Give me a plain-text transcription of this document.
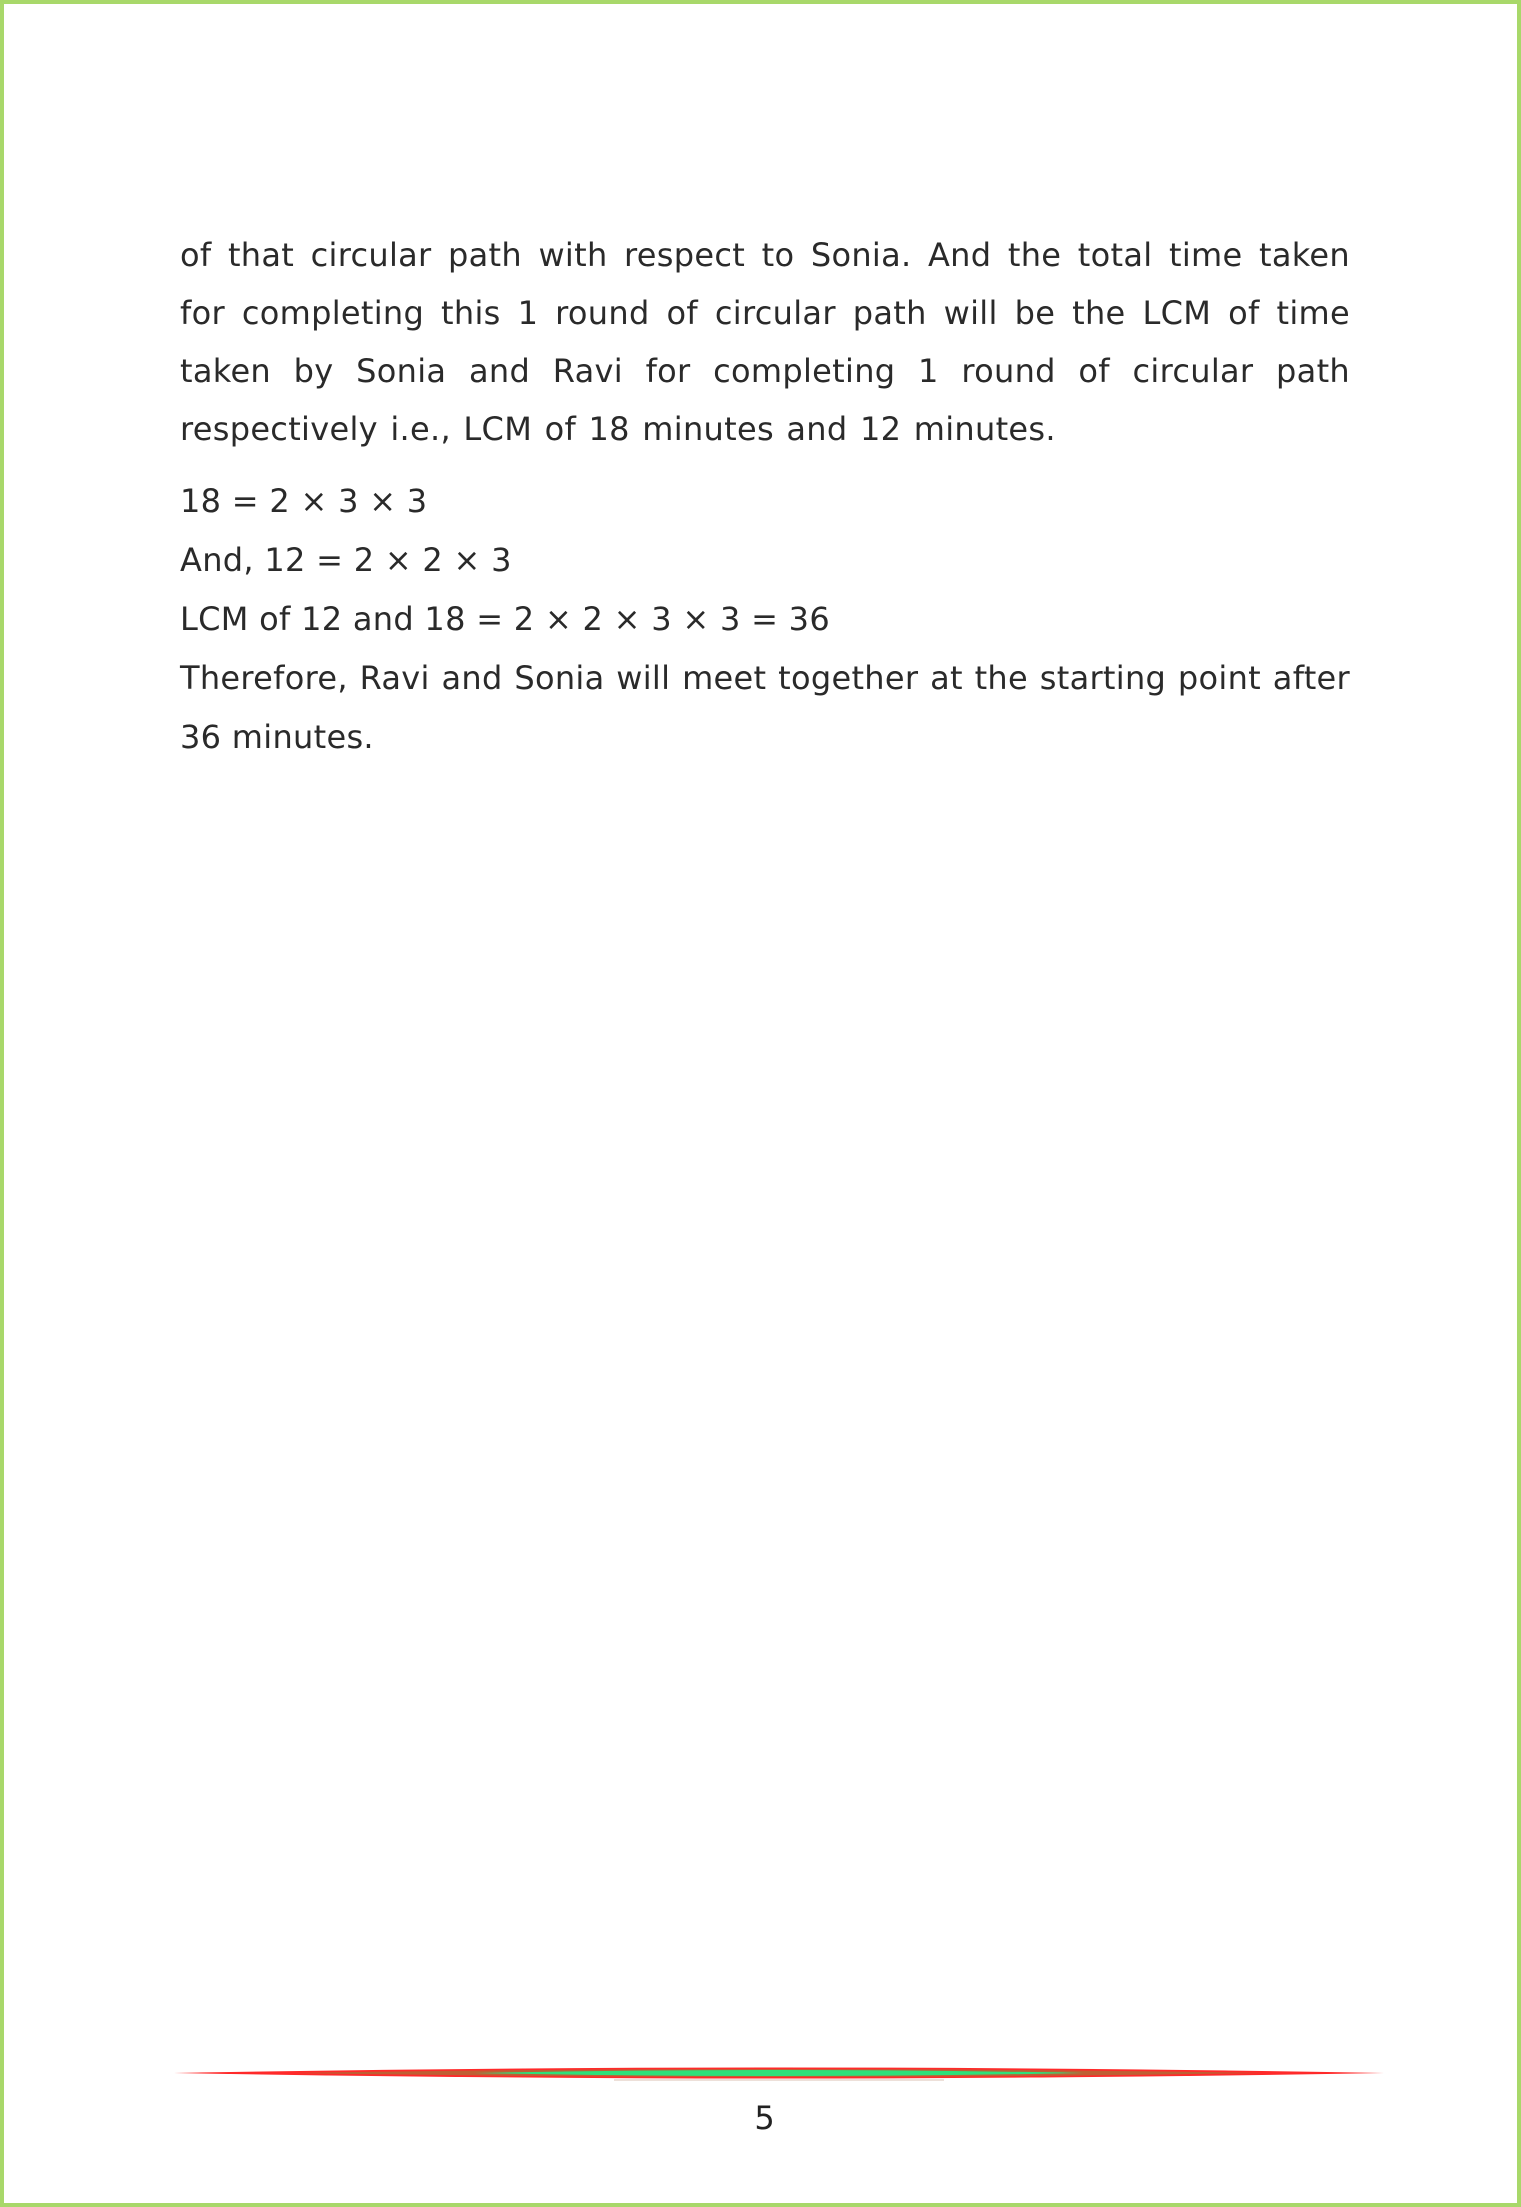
of that circular path with respect to Sonia. And the total time taken for completing this 1 round of circular path will be the LCM of time taken by Sonia and Ravi for completing 1 round of circular path respectively i.e., LCM of 18 minutes and 12 minutes.

18 = 2 × 3 × 3
And, 12 = 2 × 2 × 3
LCM of 12 and 18 = 2 × 2 × 3 × 3 = 36
Therefore, Ravi and Sonia will meet together at the starting point after 36 minutes.
5
